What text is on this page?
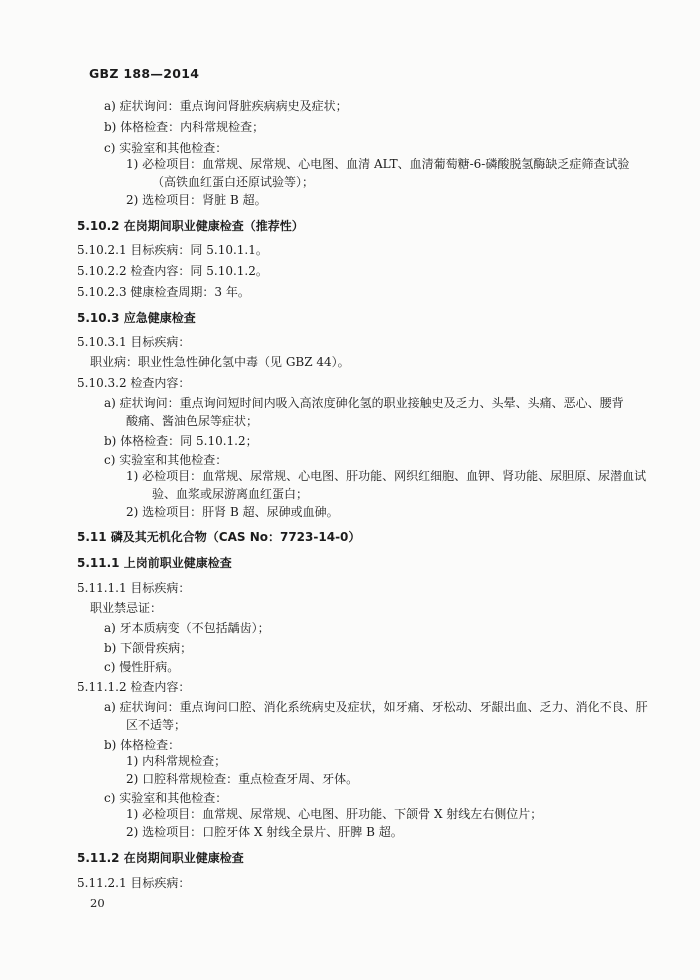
GBZ 188—2014
a) 症状询问：重点询问肾脏疾病病史及症状；
b) 体格检查：内科常规检查；
c) 实验室和其他检查：
1) 必检项目：血常规、尿常规、心电图、血清 ALT、血清葡萄糖-6-磷酸脱氢酶缺乏症筛查试验
（高铁血红蛋白还原试验等）；
2) 选检项目：肾脏 B 超。
5.10.2 在岗期间职业健康检查（推荐性）
5.10.2.1 目标疾病：同 5.10.1.1。
5.10.2.2 检查内容：同 5.10.1.2。
5.10.2.3 健康检查周期：3 年。
5.10.3 应急健康检查
5.10.3.1 目标疾病：
职业病：职业性急性砷化氢中毒（见 GBZ 44）。
5.10.3.2 检查内容：
a) 症状询问：重点询问短时间内吸入高浓度砷化氢的职业接触史及乏力、头晕、头痛、恶心、腰背
酸痛、酱油色尿等症状；
b) 体格检查：同 5.10.1.2；
c) 实验室和其他检查：
1) 必检项目：血常规、尿常规、心电图、肝功能、网织红细胞、血钾、肾功能、尿胆原、尿潜血试
验、血浆或尿游离血红蛋白；
2) 选检项目：肝肾 B 超、尿砷或血砷。
5.11 磷及其无机化合物（CAS No：7723-14-0）
5.11.1 上岗前职业健康检查
5.11.1.1 目标疾病：
职业禁忌证：
a) 牙本质病变（不包括龋齿）；
b) 下颌骨疾病；
c) 慢性肝病。
5.11.1.2 检查内容：
a) 症状询问：重点询问口腔、消化系统病史及症状，如牙痛、牙松动、牙龈出血、乏力、消化不良、肝
区不适等；
b) 体格检查：
1) 内科常规检查；
2) 口腔科常规检查：重点检查牙周、牙体。
c) 实验室和其他检查：
1) 必检项目：血常规、尿常规、心电图、肝功能、下颌骨 X 射线左右侧位片；
2) 选检项目：口腔牙体 X 射线全景片、肝脾 B 超。
5.11.2 在岗期间职业健康检查
5.11.2.1 目标疾病：
20
